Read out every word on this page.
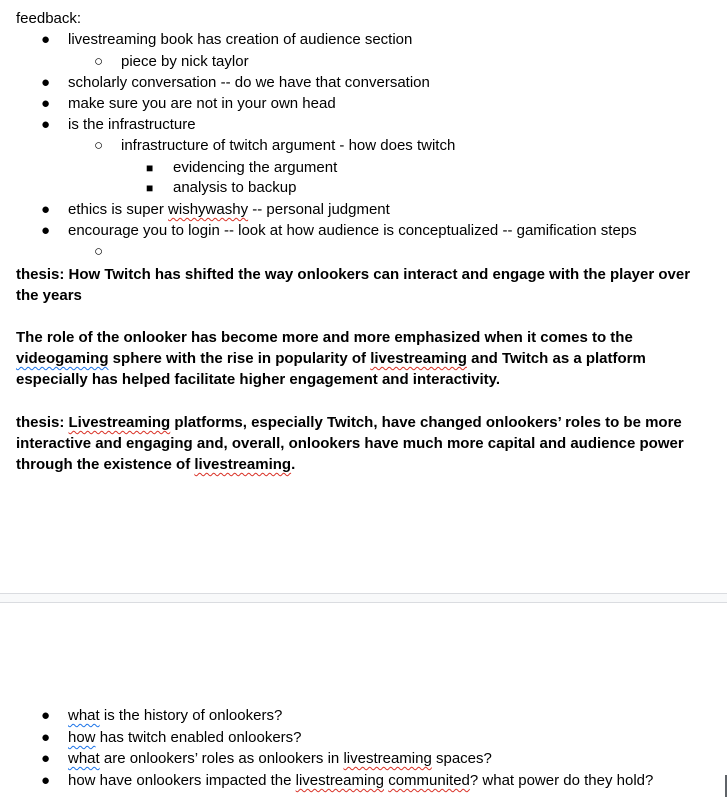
feedback:
● livestreaming book has creation of audience section
○ piece by nick taylor
● scholarly conversation -- do we have that conversation
● make sure you are not in your own head
● is the infrastructure
○ infrastructure of twitch argument - how does twitch
■ evidencing the argument
■ analysis to backup
● ethics is super wishywashy -- personal judgment
● encourage you to login -- look at how audience is conceptualized -- gamification steps
○
thesis: How Twitch has shifted the way onlookers can interact and engage with the player over the years
The role of the onlooker has become more and more emphasized when it comes to the videogaming sphere with the rise in popularity of livestreaming and Twitch as a platform especially has helped facilitate higher engagement and interactivity.
thesis: Livestreaming platforms, especially Twitch, have changed onlookers’ roles to be more interactive and engaging and, overall, onlookers have much more capital and audience power through the existence of livestreaming.
● what is the history of onlookers?
● how has twitch enabled onlookers?
● what are onlookers’ roles as onlookers in livestreaming spaces?
● how have onlookers impacted the livestreaming communited? what power do they hold?
